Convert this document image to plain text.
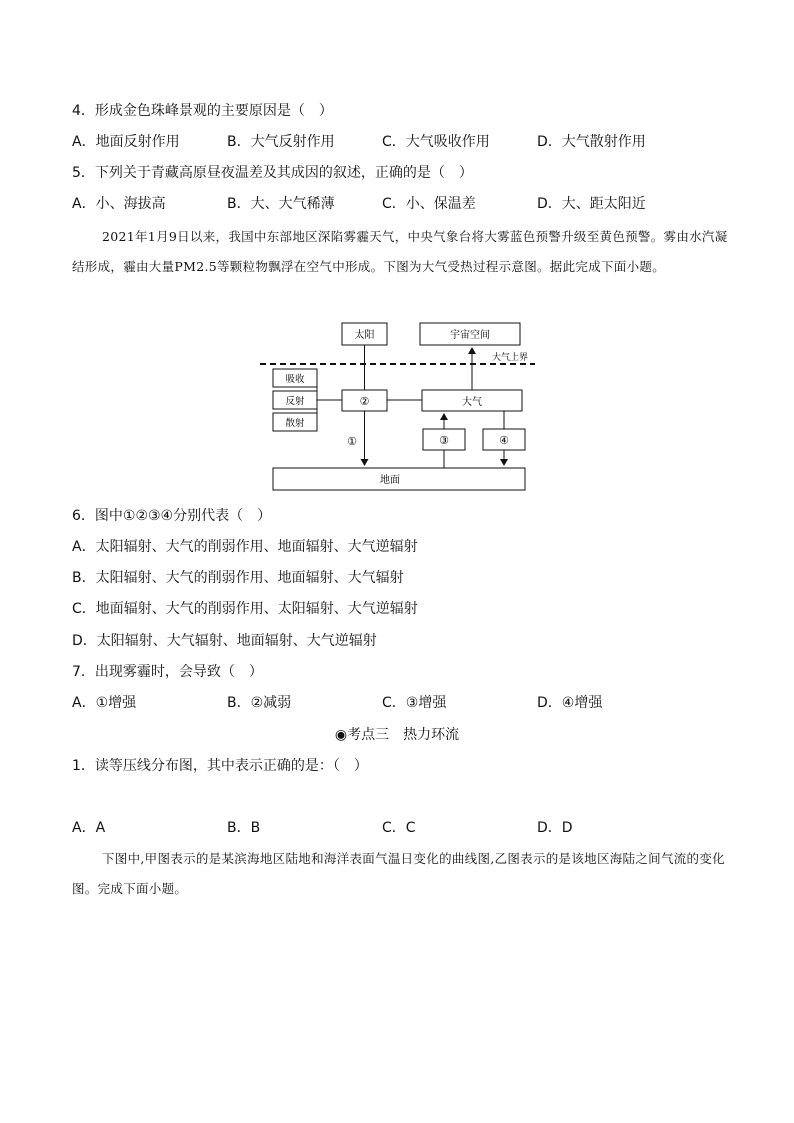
4．形成金色珠峰景观的主要原因是（　）
A．地面反射作用	B．大气反射作用	C．大气吸收作用	D．大气散射作用
5．下列关于青藏高原昼夜温差及其成因的叙述，正确的是（　）
A．小、海拔高	B．大、大气稀薄	C．小、保温差	D．大、距太阳近
2021年1月9日以来，我国中东部地区深陷雾霾天气，中央气象台将大雾蓝色预警升级至黄色预警。雾由水汽凝结形成，霾由大量PM2.5等颗粒物飘浮在空气中形成。下图为大气受热过程示意图。据此完成下面小题。
太阳	宇宙空间
大气上界
吸收
反射
散射
②	大气
①	③	④
地面
6．图中①②③④分别代表（　）
A．太阳辐射、大气的削弱作用、地面辐射、大气逆辐射
B．太阳辐射、大气的削弱作用、地面辐射、大气辐射
C．地面辐射、大气的削弱作用、太阳辐射、大气逆辐射
D．太阳辐射、大气辐射、地面辐射、大气逆辐射
7．出现雾霾时，会导致（　）
A．①增强	B．②减弱	C．③增强	D．④增强
◉考点三　热力环流
1．读等压线分布图，其中表示正确的是：（　）
A．A	B．B	C．C	D．D
下图中,甲图表示的是某滨海地区陆地和海洋表面气温日变化的曲线图,乙图表示的是该地区海陆之间气流的变化图。完成下面小题。
